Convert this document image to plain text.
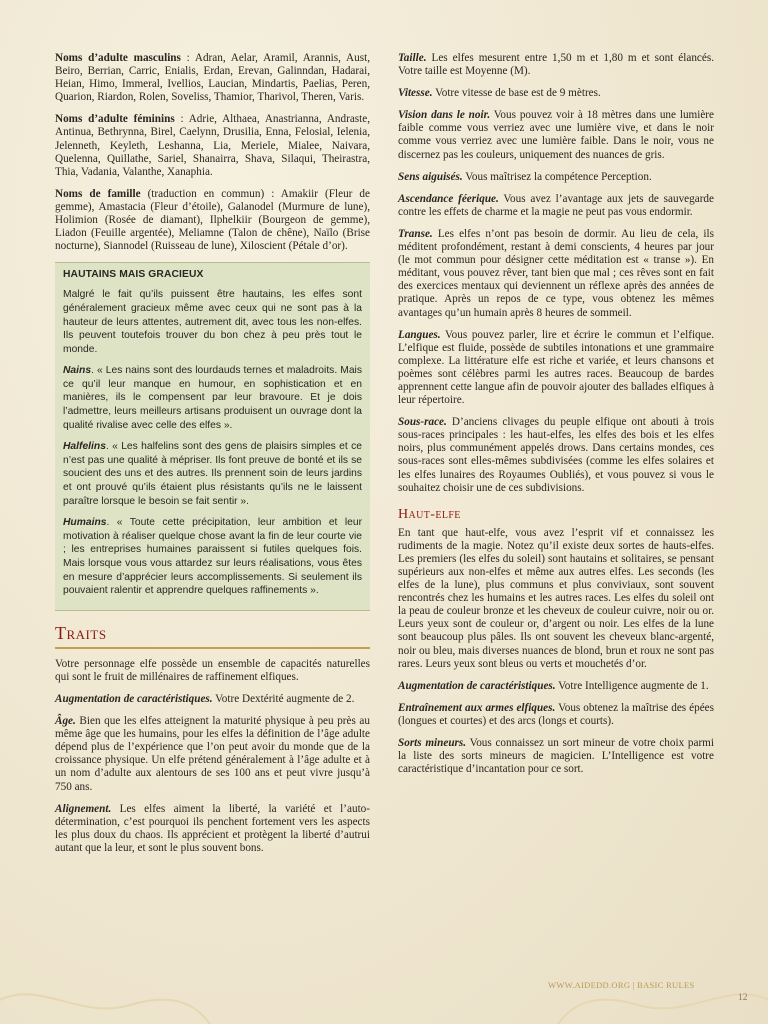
Noms d’adulte masculins : Adran, Aelar, Aramil, Arannis, Aust, Beiro, Berrian, Carric, Enialis, Erdan, Erevan, Galinndan, Hadarai, Heian, Himo, Immeral, Ivellios, Laucian, Mindartis, Paelias, Peren, Quarion, Riardon, Rolen, Soveliss, Thamior, Tharivol, Theren, Varis.

Noms d’adulte féminins : Adrie, Althaea, Anastrianna, Andraste, Antinua, Bethrynna, Birel, Caelynn, Drusilia, Enna, Felosial, Ielenia, Jelenneth, Keyleth, Leshanna, Lia, Meriele, Mialee, Naivara, Quelenna, Quillathe, Sariel, Shanairra, Shava, Silaqui, Theirastra, Thia, Vadania, Valanthe, Xanaphia.

Noms de famille (traduction en commun) : Amakiir (Fleur de gemme), Amastacia (Fleur d’étoile), Galanodel (Murmure de lune), Holimion (Rosée de diamant), Ilphelkiir (Bourgeon de gemme), Liadon (Feuille argentée), Meliamne (Talon de chêne), Naïlo (Brise nocturne), Siannodel (Ruisseau de lune), Xiloscient (Pétale d’or).

HAUTAINS MAIS GRACIEUX

Malgré le fait qu’ils puissent être hautains, les elfes sont généralement gracieux même avec ceux qui ne sont pas à la hauteur de leurs attentes, autrement dit, avec tous les non-elfes. Ils peuvent toutefois trouver du bon chez à peu près tout le monde.

Nains. « Les nains sont des lourdauds ternes et maladroits. Mais ce qu’il leur manque en humour, en sophistication et en manières, ils le compensent par leur bravoure. Et je dois l’admettre, leurs meilleurs artisans produisent un ouvrage dont la qualité rivalise avec celle des elfes ».

Halfelins. « Les halfelins sont des gens de plaisirs simples et ce n’est pas une qualité à mépriser. Ils font preuve de bonté et ils se soucient des uns et des autres. Ils prennent soin de leurs jardins et ont prouvé qu’ils étaient plus résistants qu’ils ne le laissent paraître lorsque le besoin se fait sentir ».

Humains. « Toute cette précipitation, leur ambition et leur motivation à réaliser quelque chose avant la fin de leur courte vie ; les entreprises humaines paraissent si futiles quelques fois. Mais lorsque vous vous attardez sur leurs réalisations, vous êtes en mesure d’apprécier leurs accomplissements. Si seulement ils pouvaient ralentir et apprendre quelques raffinements ».

Traits

Votre personnage elfe possède un ensemble de capacités naturelles qui sont le fruit de millénaires de raffinement elfiques.

Augmentation de caractéristiques. Votre Dextérité augmente de 2.

Âge. Bien que les elfes atteignent la maturité physique à peu près au même âge que les humains, pour les elfes la définition de l’âge adulte dépend plus de l’expérience que l’on peut avoir du monde que de la croissance physique. Un elfe prétend généralement à l’âge adulte et à un nom d’adulte aux alentours de ses 100 ans et peut vivre jusqu’à 750 ans.

Alignement. Les elfes aiment la liberté, la variété et l’auto-détermination, c’est pourquoi ils penchent fortement vers les aspects les plus doux du chaos. Ils apprécient et protègent la liberté d’autrui autant que la leur, et sont le plus souvent bons.

Taille. Les elfes mesurent entre 1,50 m et 1,80 m et sont élancés. Votre taille est Moyenne (M).

Vitesse. Votre vitesse de base est de 9 mètres.

Vision dans le noir. Vous pouvez voir à 18 mètres dans une lumière faible comme vous verriez avec une lumière vive, et dans le noir comme vous verriez avec une lumière faible. Dans le noir, vous ne discernez pas les couleurs, uniquement des nuances de gris.

Sens aiguisés. Vous maîtrisez la compétence Perception.

Ascendance féerique. Vous avez l’avantage aux jets de sauvegarde contre les effets de charme et la magie ne peut pas vous endormir.

Transe. Les elfes n’ont pas besoin de dormir. Au lieu de cela, ils méditent profondément, restant à demi conscients, 4 heures par jour (le mot commun pour désigner cette méditation est « transe »). En méditant, vous pouvez rêver, tant bien que mal ; ces rêves sont en fait des exercices mentaux qui deviennent un réflexe après des années de pratique. Après un repos de ce type, vous obtenez les mêmes avantages qu’un humain après 8 heures de sommeil.

Langues. Vous pouvez parler, lire et écrire le commun et l’elfique. L’elfique est fluide, possède de subtiles intonations et une grammaire complexe. La littérature elfe est riche et variée, et leurs chansons et poèmes sont célèbres parmi les autres races. Beaucoup de bardes apprennent cette langue afin de pouvoir ajouter des ballades elfiques à leur répertoire.

Sous-race. D’anciens clivages du peuple elfique ont abouti à trois sous-races principales : les haut-elfes, les elfes des bois et les elfes noirs, plus communément appelés drows. Dans certains mondes, ces sous-races sont elles-mêmes subdivisées (comme les elfes solaires et les elfes lunaires des Royaumes Oubliés), et vous pouvez si vous le souhaitez choisir une de ces subdivisions.

Haut-elfe

En tant que haut-elfe, vous avez l’esprit vif et connaissez les rudiments de la magie. Notez qu’il existe deux sortes de hauts-elfes. Les premiers (les elfes du soleil) sont hautains et solitaires, se pensant supérieurs aux non-elfes et même aux autres elfes. Les seconds (les elfes de la lune), plus communs et plus conviviaux, sont souvent rencontrés chez les humains et les autres races. Les elfes du soleil ont la peau de couleur bronze et les cheveux de couleur cuivre, noir ou or. Leurs yeux sont de couleur or, d’argent ou noir. Les elfes de la lune sont beaucoup plus pâles. Ils ont souvent les cheveux blanc-argenté, noir ou bleu, mais diverses nuances de blond, brun et roux ne sont pas rares. Leurs yeux sont bleus ou verts et mouchetés d’or.

Augmentation de caractéristiques. Votre Intelligence augmente de 1.

Entraînement aux armes elfiques. Vous obtenez la maîtrise des épées (longues et courtes) et des arcs (longs et courts).

Sorts mineurs. Vous connaissez un sort mineur de votre choix parmi la liste des sorts mineurs de magicien. L’Intelligence est votre caractéristique d’incantation pour ce sort.

WWW.AIDEDD.ORG | BASIC RULES
12
